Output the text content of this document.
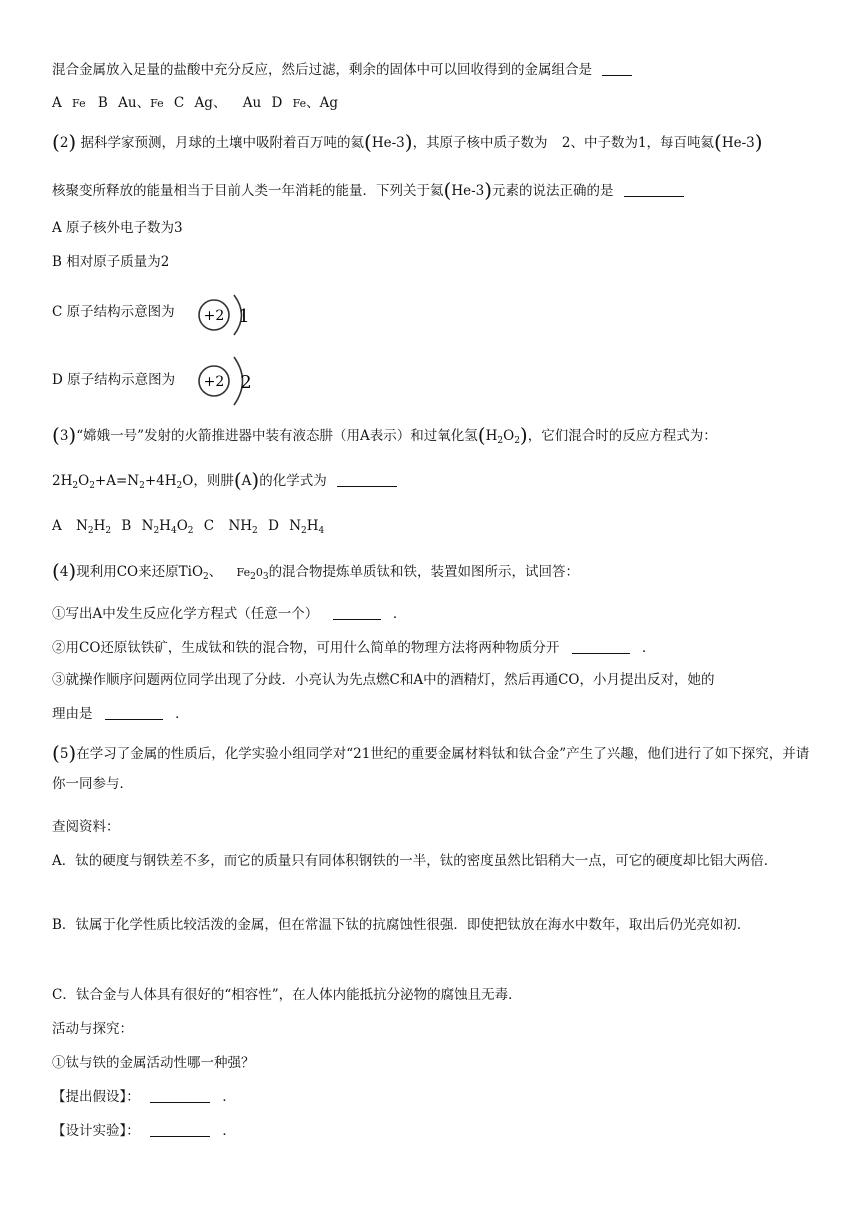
混合金属放入足量的盐酸中充分反应，然后过滤，剩余的固体中可以回收得到的金属组合是
A Fe B Au、Fe C Ag、 Au D Fe、Ag
(2) 据科学家预测，月球的土壤中吸附着百万吨的氦(He-3)，其原子核中质子数为 2、中子数为1，每百吨氦(He-3)
核聚变所释放的能量相当于目前人类一年消耗的能量．下列关于氦(He-3)元素的说法正确的是
A 原子核外电子数为3
B 相对原子质量为2
C 原子结构示意图为	+2 1
D 原子结构示意图为	+2 2
(3)“嫦娥一号”发射的火箭推进器中装有液态肼（用A表示）和过氧化氢$(H_2O_2)$，它们混合时的反应方程式为：
$2H_2O_2+A=N_2+4H_2O$，则肼(A)的化学式为
A $N_2H_2$ B $N_2H_4O_2$ C $NH_2$ D $N_2H_4$
(4)现利用CO来还原TiO$_2$、 $Fe_20_3$的混合物提炼单质钛和铁，装置如图所示，试回答：
①写出A中发生反应化学方程式（任意一个）	．
②用CO还原钛铁矿，生成钛和铁的混合物，可用什么简单的物理方法将两种物质分开	．
③就操作顺序问题两位同学出现了分歧．小亮认为先点燃C和A中的酒精灯，然后再通CO，小月提出反对，她的
理由是	．
(5)在学习了金属的性质后，化学实验小组同学对“21世纪的重要金属材料钛和钛合金”产生了兴趣，他们进行了如下探究，并请你一同参与．
查阅资料：
A．钛的硬度与钢铁差不多，而它的质量只有同体积钢铁的一半，钛的密度虽然比铝稍大一点，可它的硬度却比铝大两倍．
B．钛属于化学性质比较活泼的金属，但在常温下钛的抗腐蚀性很强．即使把钛放在海水中数年，取出后仍光亮如初．
C．钛合金与人体具有很好的“相容性”，在人体内能抵抗分泌物的腐蚀且无毒．
活动与探究：
①钛与铁的金属活动性哪一种强？
【提出假设】：	．
【设计实验】：	．
